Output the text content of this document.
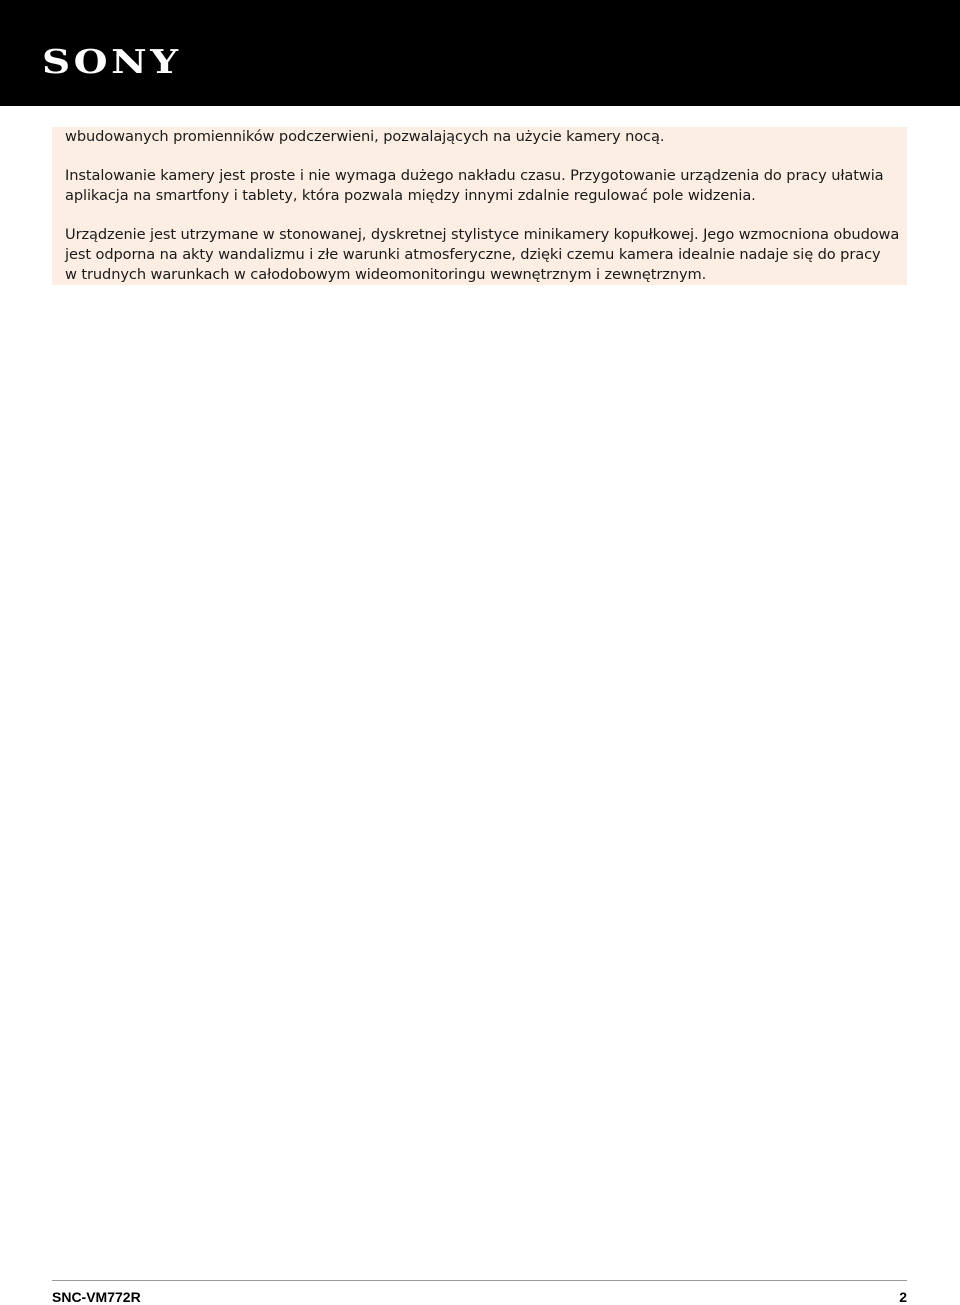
SONY

wbudowanych promienników podczerwieni, pozwalających na użycie kamery nocą.

Instalowanie kamery jest proste i nie wymaga dużego nakładu czasu. Przygotowanie urządzenia do pracy ułatwia
aplikacja na smartfony i tablety, która pozwala między innymi zdalnie regulować pole widzenia.

Urządzenie jest utrzymane w stonowanej, dyskretnej stylistyce minikamery kopułkowej. Jego wzmocniona obudowa
jest odporna na akty wandalizmu i złe warunki atmosferyczne, dzięki czemu kamera idealnie nadaje się do pracy
w trudnych warunkach w całodobowym wideomonitoringu wewnętrznym i zewnętrznym.

SNC-VM772R	2
